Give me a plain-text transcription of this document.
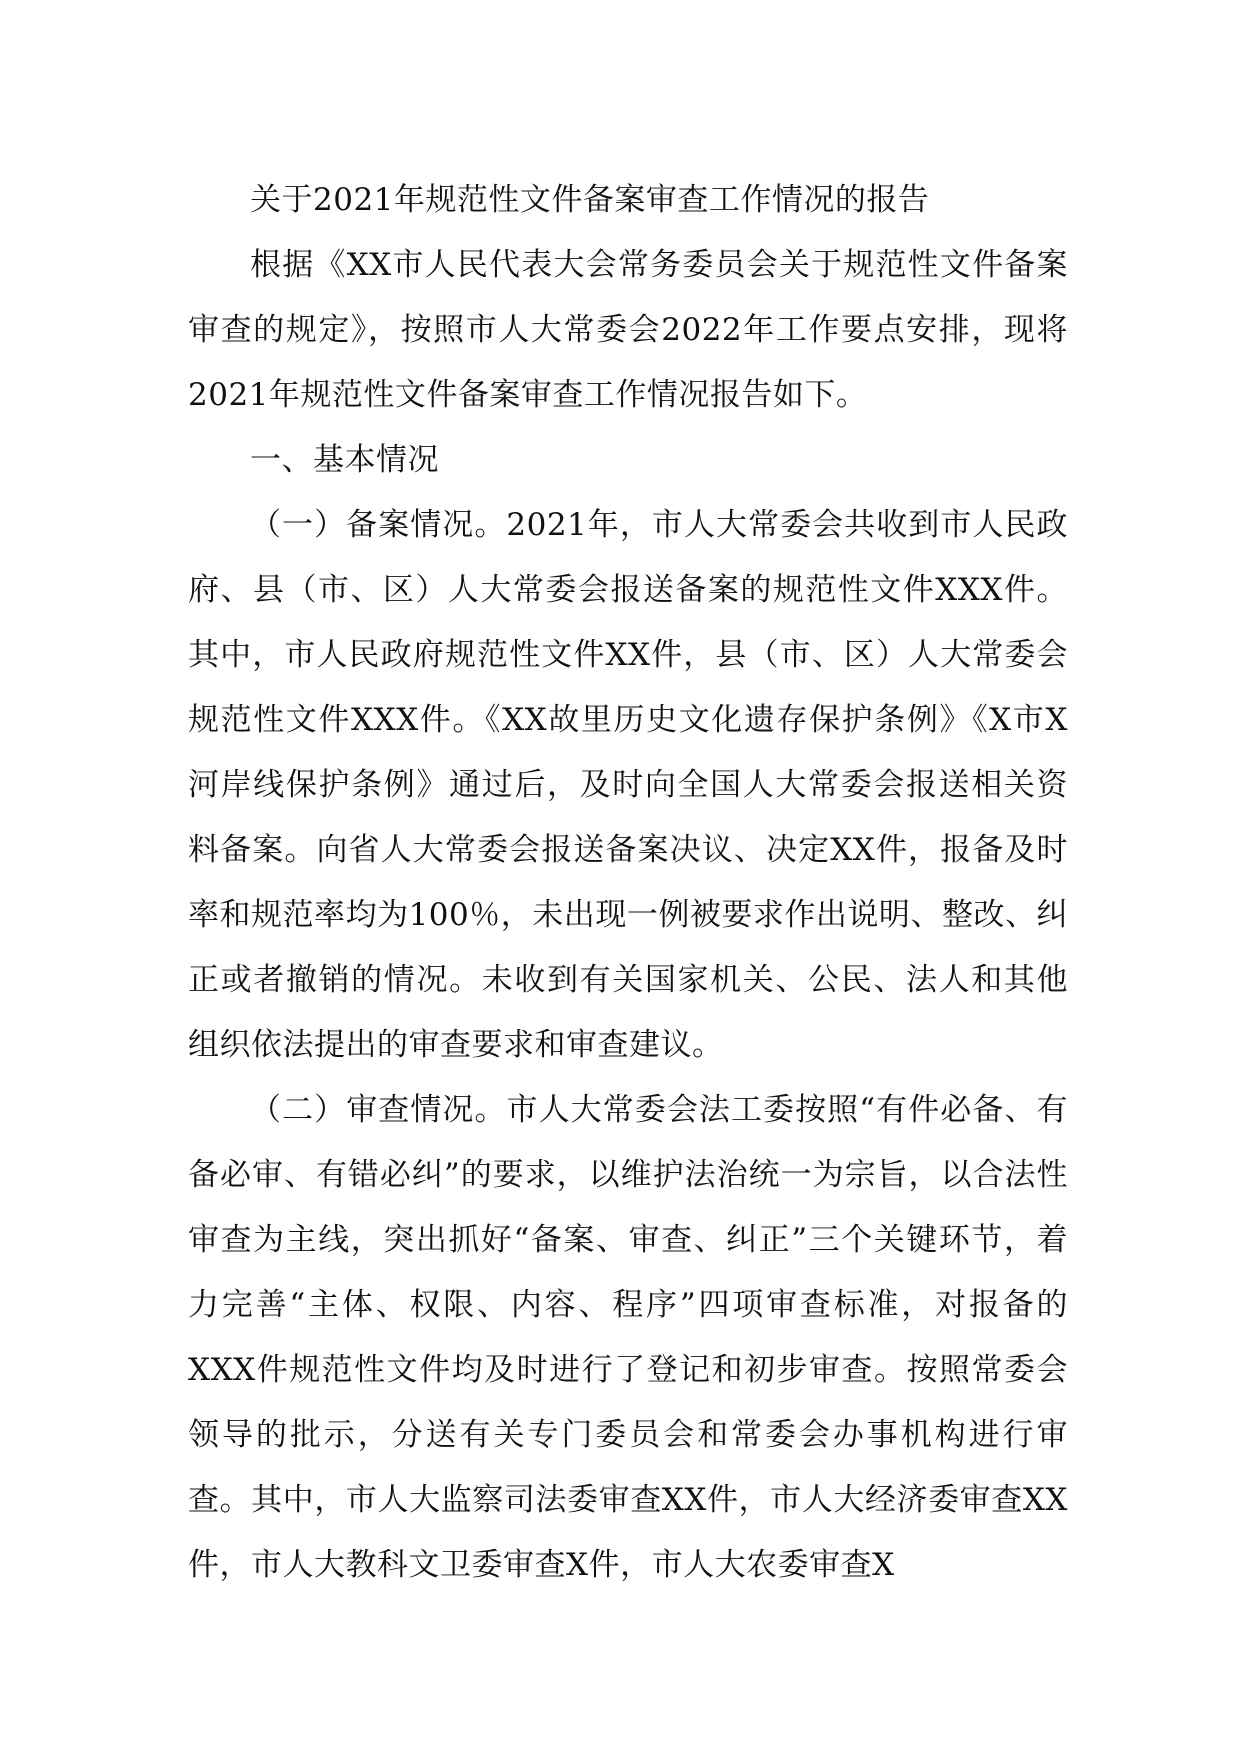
关于2021年规范性文件备案审查工作情况的报告

根据《XX市人民代表大会常务委员会关于规范性文件备案审查的规定》，按照市人大常委会2022年工作要点安排，现将2021年规范性文件备案审查工作情况报告如下。

一、基本情况

（一）备案情况。2021年，市人大常委会共收到市人民政府、县（市、区）人大常委会报送备案的规范性文件XXX件。其中，市人民政府规范性文件XX件，县（市、区）人大常委会规范性文件XXX件。《XX故里历史文化遗存保护条例》《X市X河岸线保护条例》通过后，及时向全国人大常委会报送相关资料备案。向省人大常委会报送备案决议、决定XX件，报备及时率和规范率均为100％，未出现一例被要求作出说明、整改、纠正或者撤销的情况。未收到有关国家机关、公民、法人和其他组织依法提出的审查要求和审查建议。

（二）审查情况。市人大常委会法工委按照“有件必备、有备必审、有错必纠”的要求，以维护法治统一为宗旨，以合法性审查为主线，突出抓好“备案、审查、纠正”三个关键环节，着力完善“主体、权限、内容、程序”四项审查标准，对报备的XXX件规范性文件均及时进行了登记和初步审查。按照常委会领导的批示，分送有关专门委员会和常委会办事机构进行审查。其中，市人大监察司法委审查XX件，市人大经济委审查XX件，市人大教科文卫委审查X件，市人大农委审查X
